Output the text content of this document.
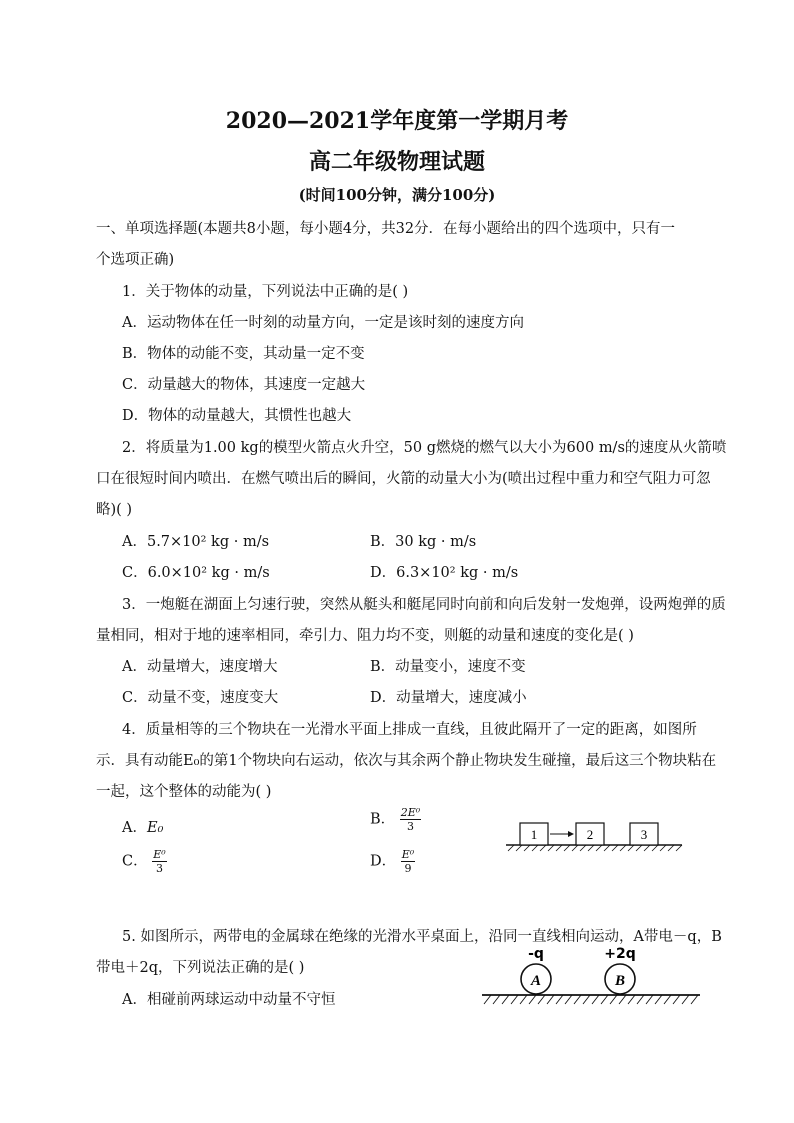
2020—2021学年度第一学期月考
高二年级物理试题
(时间100分钟，满分100分)
一、单项选择题(本题共8小题，每小题4分，共32分．在每小题给出的四个选项中，只有一
个选项正确)
1．关于物体的动量，下列说法中正确的是( )
A．运动物体在任一时刻的动量方向，一定是该时刻的速度方向
B．物体的动能不变，其动量一定不变
C．动量越大的物体，其速度一定越大
D．物体的动量越大，其惯性也越大
2．将质量为1.00 kg的模型火箭点火升空，50 g燃烧的燃气以大小为600 m/s的速度从火箭喷
口在很短时间内喷出．在燃气喷出后的瞬间，火箭的动量大小为(喷出过程中重力和空气阻力可忽
略)( )
A．5.7×10² kg · m/s	B．30 kg · m/s
C．6.0×10² kg · m/s	D．6.3×10² kg · m/s
3．一炮艇在湖面上匀速行驶，突然从艇头和艇尾同时向前和向后发射一发炮弹，设两炮弹的质
量相同，相对于地的速率相同，牵引力、阻力均不变，则艇的动量和速度的变化是( )
A．动量增大，速度增大	B．动量变小，速度不变
C．动量不变，速度变大	D．动量增大，速度减小
4．质量相等的三个物块在一光滑水平面上排成一直线，且彼此隔开了一定的距离，如图所
示．具有动能E₀的第1个物块向右运动，依次与其余两个静止物块发生碰撞，最后这三个物块粘在
一起，这个整体的动能为( )
A．E₀
B． $\frac{\text{2E⁰}}{3}$
C． $\frac{\text{E⁰}}{3}$	D． $\frac{\text{E⁰}}{9}$
1	2	3
5. 如图所示，两带电的金属球在绝缘的光滑水平桌面上，沿同一直线相向运动，A带电－q，B
带电＋2q，下列说法正确的是( )
A．相碰前两球运动中动量不守恒
-q	+2q
A	B
